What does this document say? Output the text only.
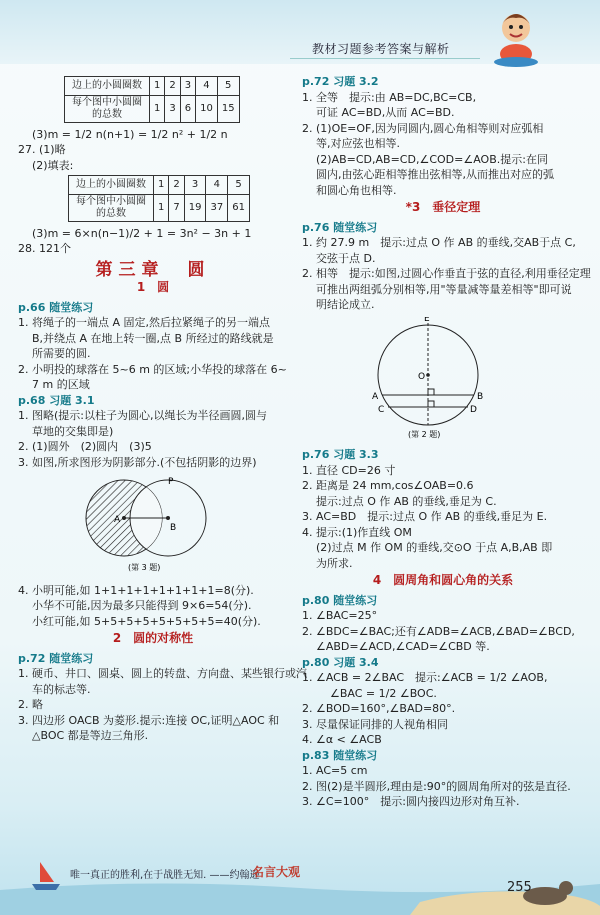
教材习题参考答案与解析
边上的小圆圈数	1	2	3	4	5
每个图中小圆圈的总数	1	3	6	10	15
(3)m = 1/2 n(n+1) = 1/2 n² + 1/2 n
27. (1)略
(2)填表:
边上的小圆圈数	1	2	3	4	5
每个图中小圆圈的总数	1	7	19	37	61
(3)m = 6×n(n−1)/2 + 1 = 3n² − 3n + 1
28. 121个
第三章　圆
1　圆
p.66 随堂练习
1. 将绳子的一端点 A 固定,然后拉紧绳子的另一端点
B,并绕点 A 在地上转一圈,点 B 所经过的路线就是
所需要的圆.
2. 小明投的球落在 5~6 m 的区域;小华投的球落在 6~
7 m 的区域
p.68 习题 3.1
1. 图略(提示:以柱子为圆心,以绳长为半径画圆,圆与
草地的交集即是)
2. (1)圆外　(2)圆内　(3)5
3. 如图,所求图形为阴影部分.(不包括阴影的边界)
P
A
B
(第 3 题)
4. 小明可能,如 1+1+1+1+1+1+1+1=8(分).
小华不可能,因为最多只能得到 9×6=54(分).
小红可能,如 5+5+5+5+5+5+5+5=40(分).
2　圆的对称性
p.72 随堂练习
1. 硬币、井口、圆桌、圆上的转盘、方向盘、某些银行或汽
车的标志等.
2. 略
3. 四边形 OACB 为菱形.提示:连接 OC,证明△AOC 和
△BOC 都是等边三角形.
p.72 习题 3.2
1. 全等　提示:由 AB=DC,BC=CB,
可证 AC=BD,从而 AC=BD.
2. (1)OE=OF,因为同圆内,圆心角相等则对应弧相
等,对应弦也相等.
(2)AB=CD,AB=CD,∠COD=∠AOB.提示:在同
圆内,由弦心距相等推出弦相等,从而推出对应的弧
和圆心角也相等.
*3　垂径定理
p.76 随堂练习
1. 约 27.9 m　提示:过点 O 作 AB 的垂线,交AB于点 C,
交弦于点 D.
2. 相等　提示:如图,过圆心作垂直于弦的直径,利用垂径定理
可推出两组弧分别相等,用"等量减等量差相等"即可说
明结论成立.
E
O
A	B
C	D
(第 2 题)
p.76 习题 3.3
1. 直径 CD=26 寸
2. 距离是 24 mm,cos∠OAB=0.6
提示:过点 O 作 AB 的垂线,垂足为 C.
3. AC=BD　提示:过点 O 作 AB 的垂线,垂足为 E.
4. 提示:(1)作直线 OM
(2)过点 M 作 OM 的垂线,交⊙O 于点 A,B,AB 即
为所求.
4　圆周角和圆心角的关系
p.80 随堂练习
1. ∠BAC=25°
2. ∠BDC=∠BAC;还有∠ADB=∠ACB,∠BAD=∠BCD,
∠ABD=∠ACD,∠CAD=∠CBD 等.
p.80 习题 3.4
1. ∠ACB = 2∠BAC　提示:∠ACB = 1/2 ∠AOB,
∠BAC = 1/2 ∠BOC.
2. ∠BOD=160°,∠BAD=80°.
3. 尽量保证同排的人视角相同
4. ∠α < ∠ACB
p.83 随堂练习
1. AC=5 cm
2. 图(2)是半圆形,理由是:90°的圆周角所对的弦是直径.
3. ∠C=100°　提示:圆内接四边形对角互补.
唯一真正的胜利,在于战胜无知. ——约翰逊
名言大观
255
